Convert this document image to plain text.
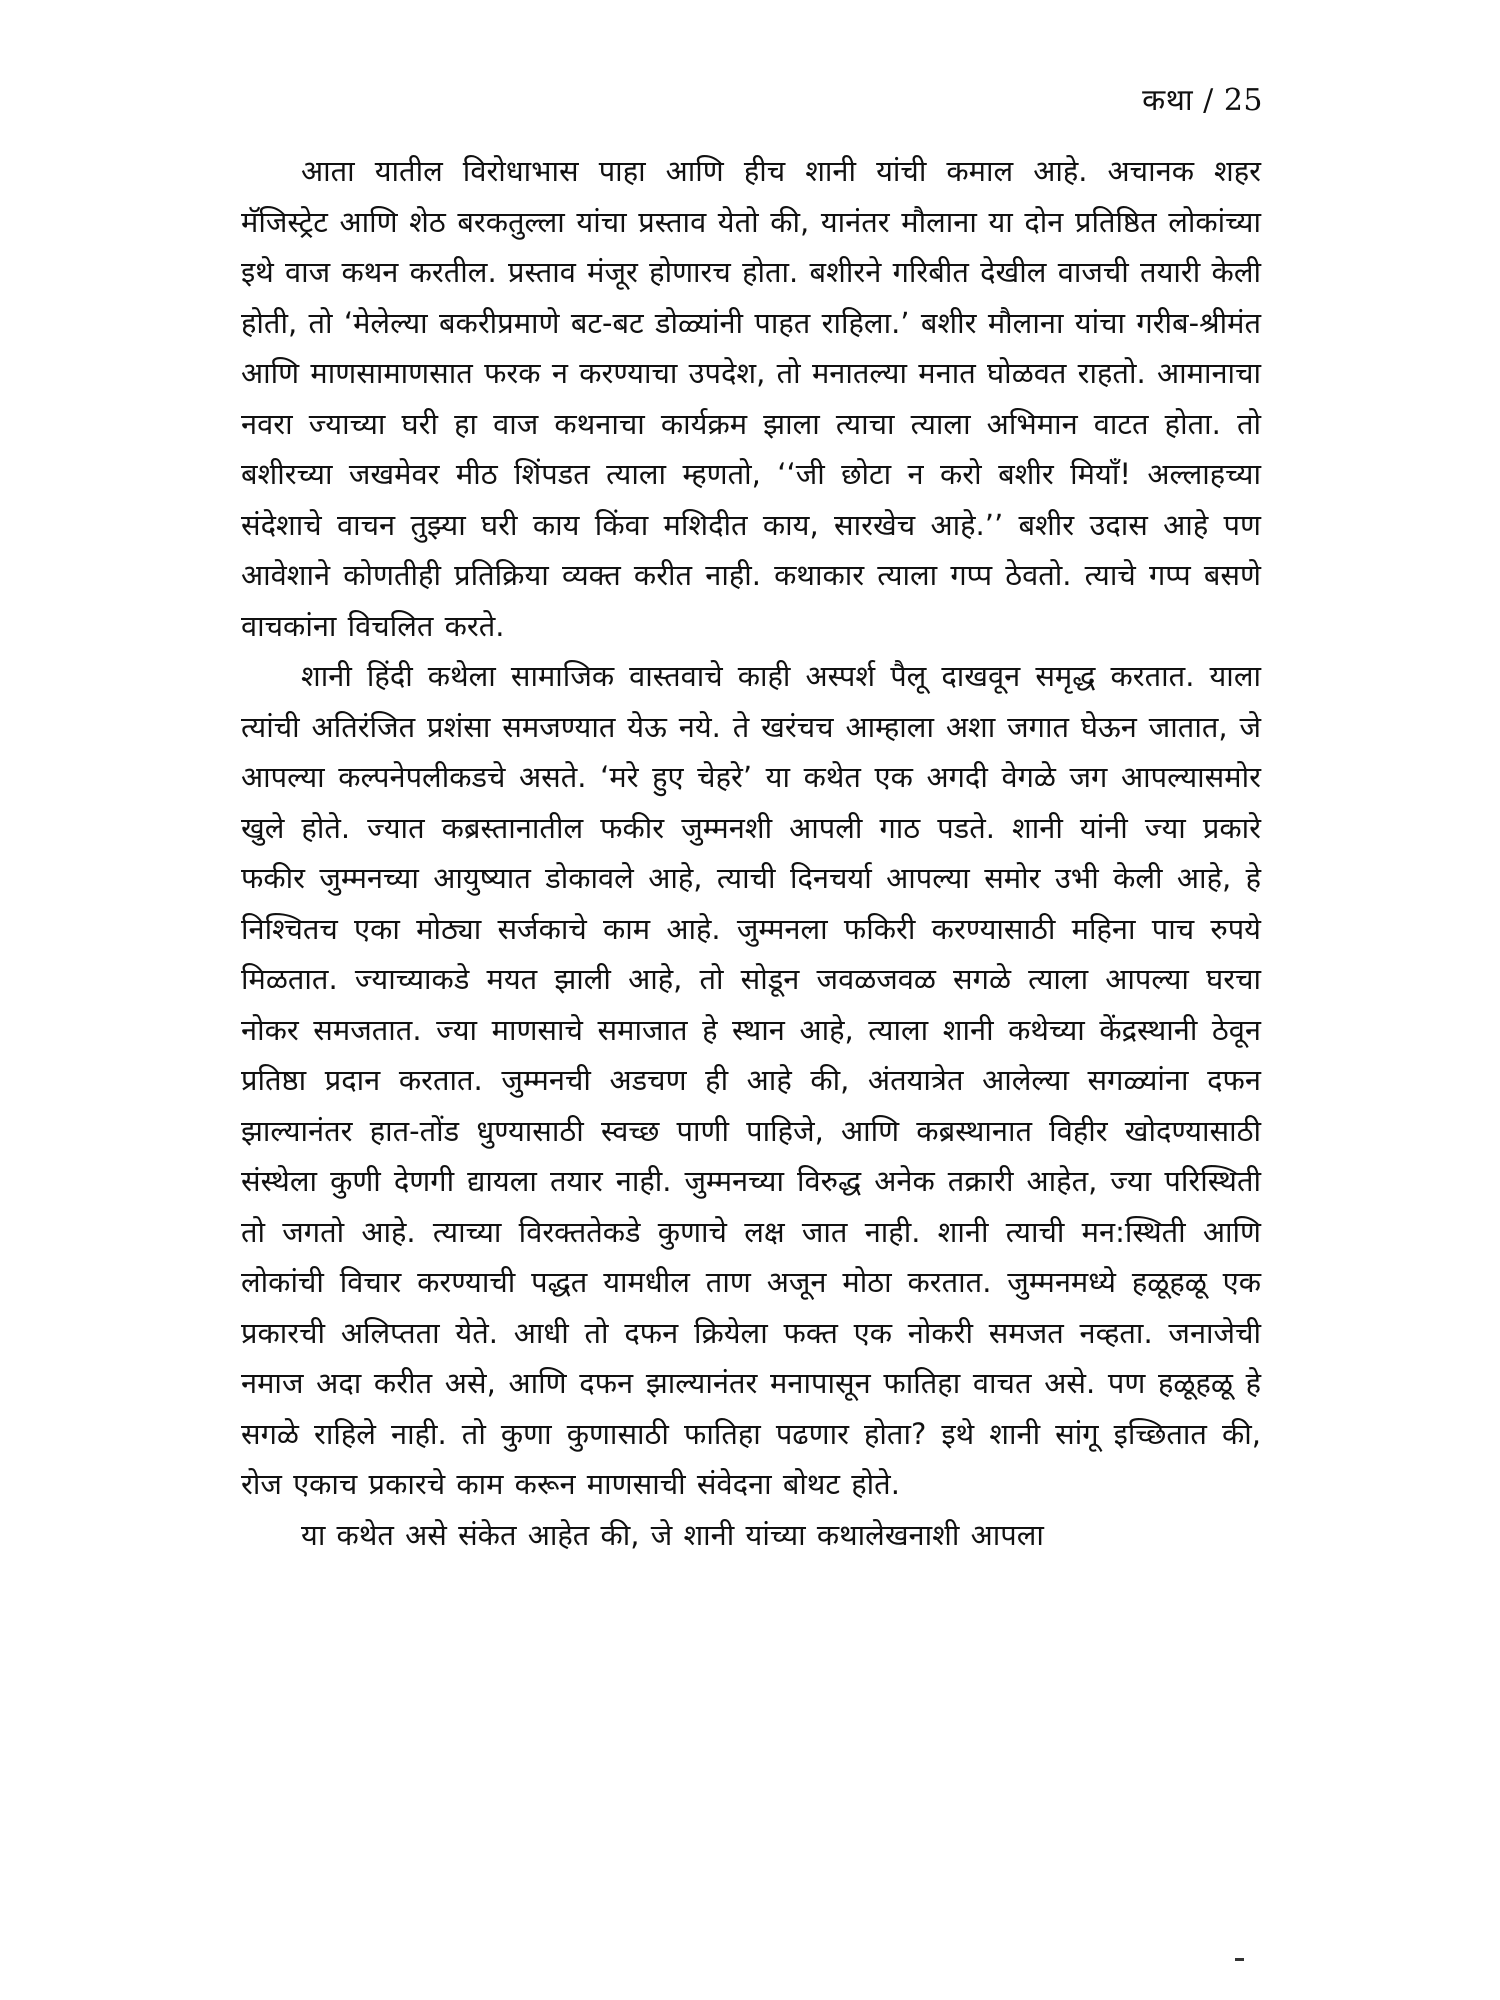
कथा / 25

आता यातील विरोधाभास पाहा आणि हीच शानी यांची कमाल आहे. अचानक शहर मॅजिस्ट्रेट आणि शेठ बरकतुल्ला यांचा प्रस्ताव येतो की, यानंतर मौलाना या दोन प्रतिष्ठित लोकांच्या इथे वाज कथन करतील. प्रस्ताव मंजूर होणारच होता. बशीरने गरिबीत देखील वाजची तयारी केली होती, तो ‘मेलेल्या बकरीप्रमाणे बट-बट डोळ्यांनी पाहत राहिला.’ बशीर मौलाना यांचा गरीब-श्रीमंत आणि माणसामाणसात फरक न करण्याचा उपदेश, तो मनातल्या मनात घोळवत राहतो. आमानाचा नवरा ज्याच्या घरी हा वाज कथनाचा कार्यक्रम झाला त्याचा त्याला अभिमान वाटत होता. तो बशीरच्या जखमेवर मीठ शिंपडत त्याला म्हणतो, ‘‘जी छोटा न करो बशीर मियाँ! अल्लाहच्या संदेशाचे वाचन तुझ्या घरी काय किंवा मशिदीत काय, सारखेच आहे.’’ बशीर उदास आहे पण आवेशाने कोणतीही प्रतिक्रिया व्यक्त करीत नाही. कथाकार त्याला गप्प ठेवतो. त्याचे गप्प बसणे वाचकांना विचलित करते.

शानी हिंदी कथेला सामाजिक वास्तवाचे काही अस्पर्श पैलू दाखवून समृद्ध करतात. याला त्यांची अतिरंजित प्रशंसा समजण्यात येऊ नये. ते खरंचच आम्हाला अशा जगात घेऊन जातात, जे आपल्या कल्पनेपलीकडचे असते. ‘मरे हुए चेहरे’ या कथेत एक अगदी वेगळे जग आपल्यासमोर खुले होते. ज्यात कब्रस्तानातील फकीर जुम्मनशी आपली गाठ पडते. शानी यांनी ज्या प्रकारे फकीर जुम्मनच्या आयुष्यात डोकावले आहे, त्याची दिनचर्या आपल्या समोर उभी केली आहे, हे निश्चितच एका मोठ्या सर्जकाचे काम आहे. जुम्मनला फकिरी करण्यासाठी महिना पाच रुपये मिळतात. ज्याच्याकडे मयत झाली आहे, तो सोडून जवळजवळ सगळे त्याला आपल्या घरचा नोकर समजतात. ज्या माणसाचे समाजात हे स्थान आहे, त्याला शानी कथेच्या केंद्रस्थानी ठेवून प्रतिष्ठा प्रदान करतात. जुम्मनची अडचण ही आहे की, अंतयात्रेत आलेल्या सगळ्यांना दफन झाल्यानंतर हात-तोंड धुण्यासाठी स्वच्छ पाणी पाहिजे, आणि कब्रस्थानात विहीर खोदण्यासाठी संस्थेला कुणी देणगी द्यायला तयार नाही. जुम्मनच्या विरुद्ध अनेक तक्रारी आहेत, ज्या परिस्थिती तो जगतो आहे. त्याच्या विरक्ततेकडे कुणाचे लक्ष जात नाही. शानी त्याची मन:स्थिती आणि लोकांची विचार करण्याची पद्धत यामधील ताण अजून मोठा करतात. जुम्मनमध्ये हळूहळू एक प्रकारची अलिप्तता येते. आधी तो दफन क्रियेला फक्त एक नोकरी समजत नव्हता. जनाजेची नमाज अदा करीत असे, आणि दफन झाल्यानंतर मनापासून फातिहा वाचत असे. पण हळूहळू हे सगळे राहिले नाही. तो कुणा कुणासाठी फातिहा पढणार होता? इथे शानी सांगू इच्छितात की, रोज एकाच प्रकारचे काम करून माणसाची संवेदना बोथट होते.

या कथेत असे संकेत आहेत की, जे शानी यांच्या कथालेखनाशी आपला
